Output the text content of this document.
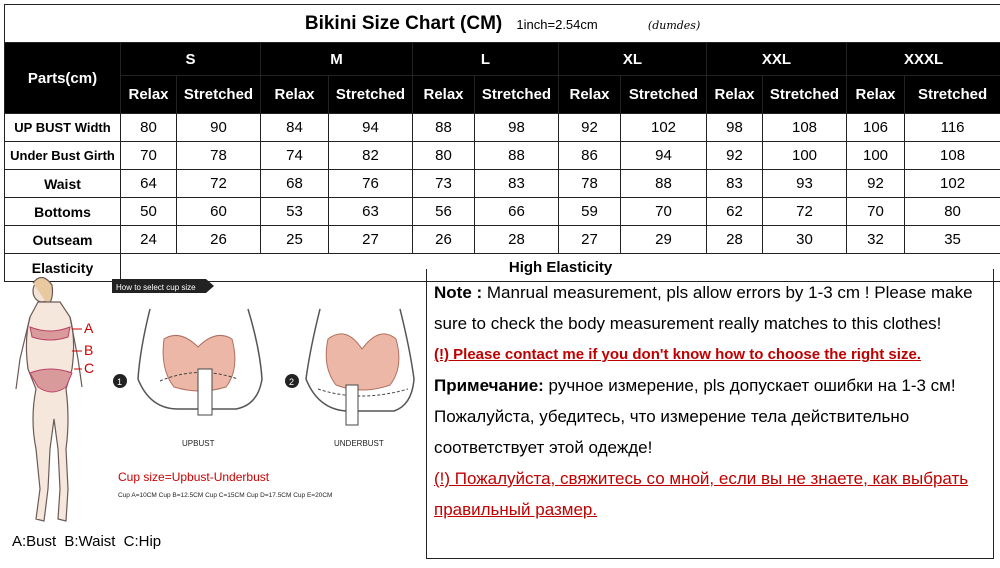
Bikini Size Chart (CM) 1inch=2.54cm (dumdes)												
Parts(cm)	S		M		L		XL		XXL		XXXL	
	Relax	Stretched	Relax	Stretched	Relax	Stretched	Relax	Stretched	Relax	Stretched	Relax	Stretched
UP BUST Width	80	90	84	94	88	98	92	102	98	108	106	116
Under Bust Girth	70	78	74	82	80	88	86	94	92	100	100	108
Waist	64	72	68	76	73	83	78	88	83	93	92	102
Bottoms	50	60	53	63	56	66	59	70	62	72	70	80
Outseam	24	26	25	27	26	28	27	29	28	30	32	35
Elasticity	High Elasticity											
A
B
C
How to select cup size
1
UPBUST
2
UNDERBUST
Cup size=Upbust-Underbust
Cup A=10CM Cup B=12.5CM Cup C=15CM Cup D=17.5CM Cup E=20CM
A:Bust B:Waist C:Hip

Note : Manrual measurement, pls allow errors by 1-3 cm ! Please make sure to check the body measurement really matches to this clothes!

(!) Please contact me if you don't know how to choose the right size.

Примечание: ручное измерение, pls допускает ошибки на 1-3 см! Пожалуйста, убедитесь, что измерение тела действительно соответствует этой одежде!

(!) Пожалуйста, свяжитесь со мной, если вы не знаете, как выбрать правильный размер.
